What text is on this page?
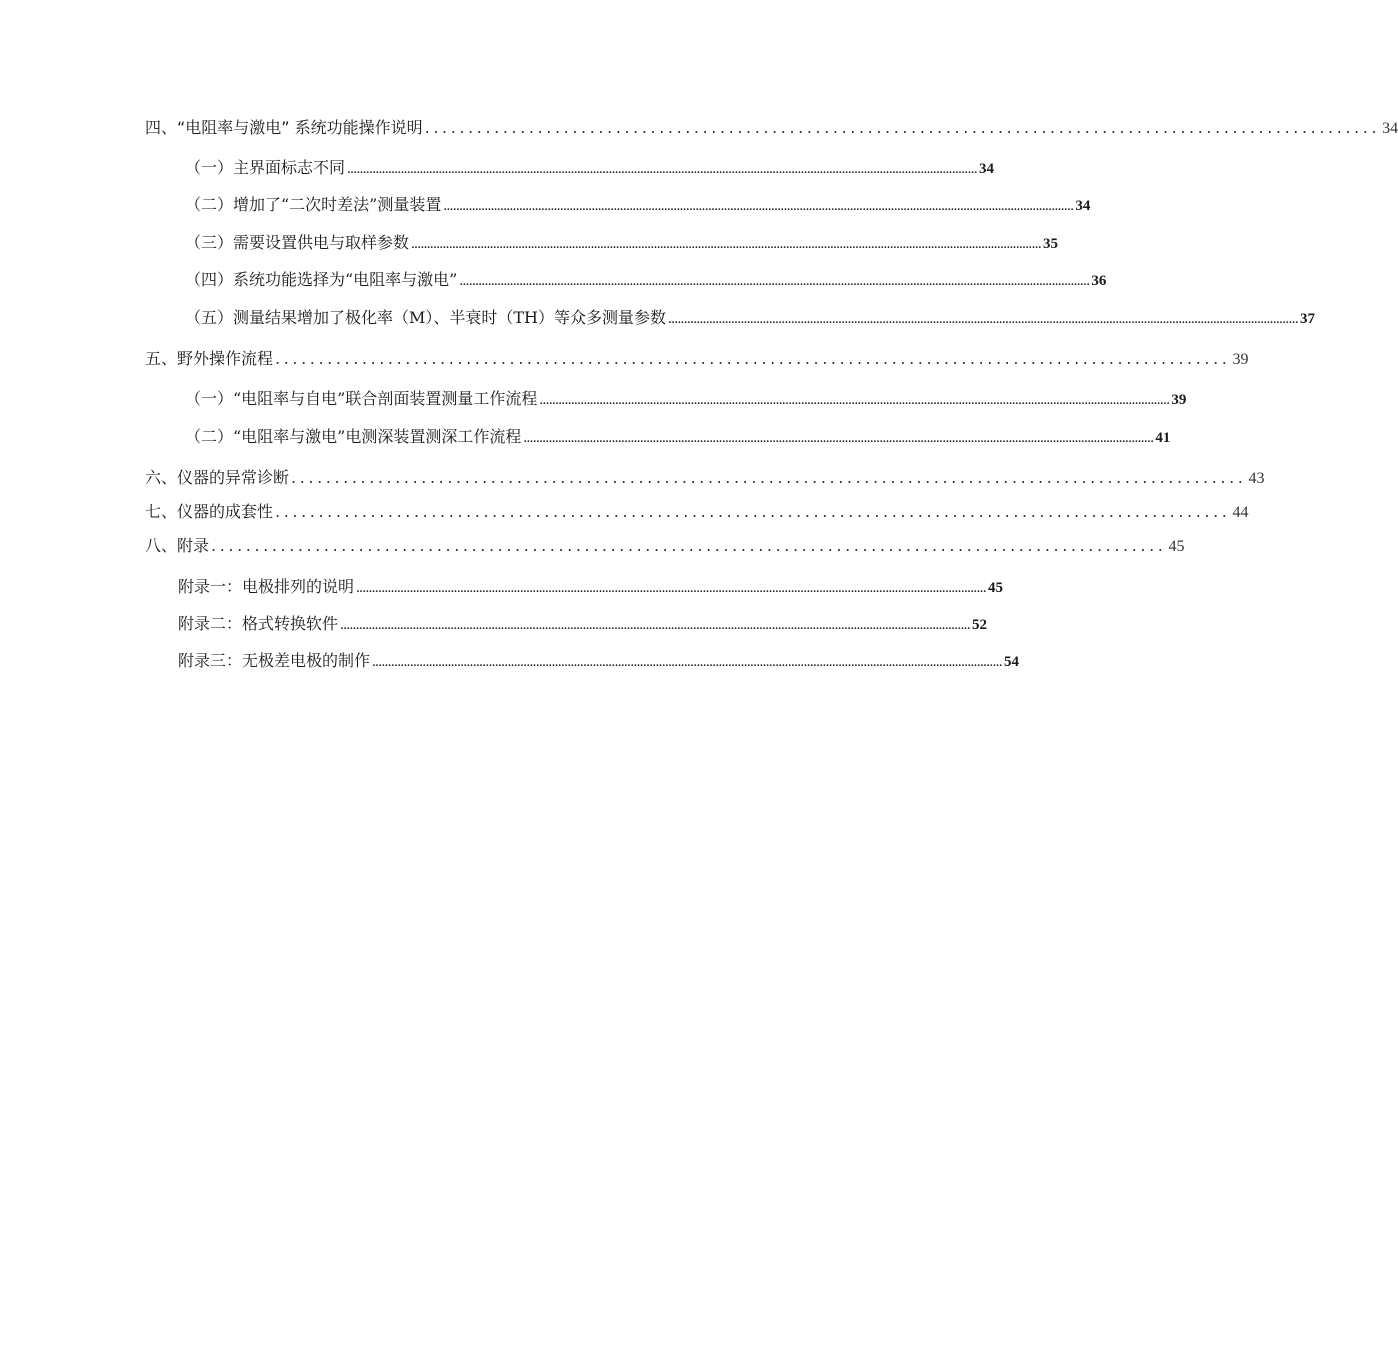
四、“电阻率与激电” 系统功能操作说明 .............................................................................................................. 34
（一）主界面标志不同 ........................................................................................................................................................................................................ 34
（二）增加了“二次时差法”测量装置 ........................................................................................................................................................................................................ 34
（三）需要设置供电与取样参数 ........................................................................................................................................................................................................ 35
（四）系统功能选择为“电阻率与激电” ........................................................................................................................................................................................................ 36
（五）测量结果增加了极化率（M）、半衰时（TH）等众多测量参数 ........................................................................................................................................................................................................ 37
五、野外操作流程 .............................................................................................................. 39
（一）“电阻率与自电”联合剖面装置测量工作流程 ........................................................................................................................................................................................................ 39
（二）“电阻率与激电”电测深装置测深工作流程 ........................................................................................................................................................................................................ 41
六、仪器的异常诊断 .............................................................................................................. 43
七、仪器的成套性 .............................................................................................................. 44
八、附录 .............................................................................................................. 45
附录一：电极排列的说明 ........................................................................................................................................................................................................ 45
附录二：格式转换软件 ........................................................................................................................................................................................................ 52
附录三：无极差电极的制作 ........................................................................................................................................................................................................ 54
